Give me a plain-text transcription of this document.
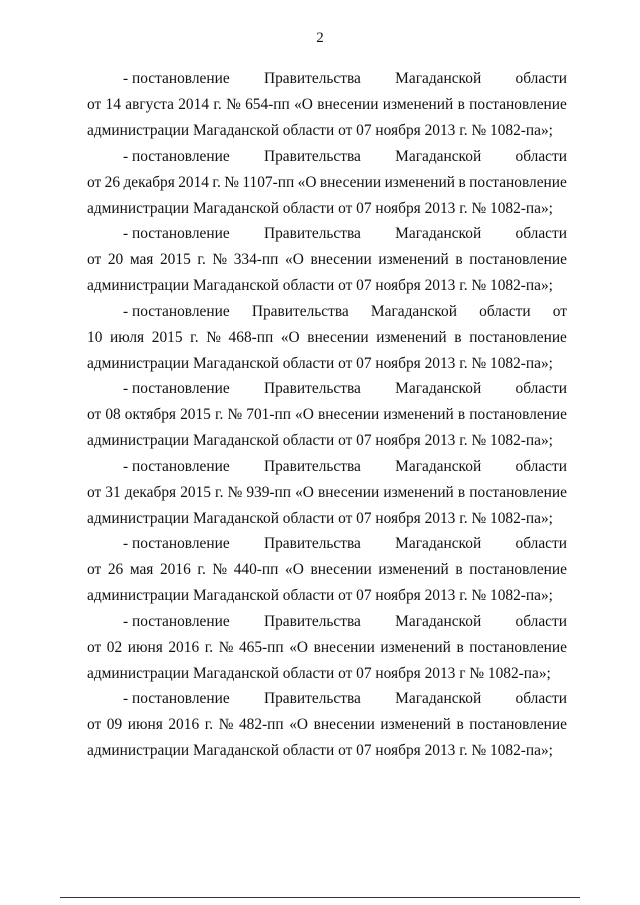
2
- постановление Правительства Магаданской области
от 14 августа 2014 г. № 654-пп «О внесении изменений в постановление
администрации Магаданской области от 07 ноября 2013 г. № 1082-па»;
- постановление Правительства Магаданской области
от 26 декабря 2014 г. № 1107-пп «О внесении изменений в постановление
администрации Магаданской области от 07 ноября 2013 г. № 1082-па»;
- постановление Правительства Магаданской области
от 20 мая 2015 г. № 334-пп «О внесении изменений в постановление
администрации Магаданской области от 07 ноября 2013 г. № 1082-па»;
- постановление Правительства Магаданской области от
10 июля 2015 г. № 468-пп «О внесении изменений в постановление
администрации Магаданской области от 07 ноября 2013 г. № 1082-па»;
- постановление Правительства Магаданской области
от 08 октября 2015 г. № 701-пп «О внесении изменений в постановление
администрации Магаданской области от 07 ноября 2013 г. № 1082-па»;
- постановление Правительства Магаданской области
от 31 декабря 2015 г. № 939-пп «О внесении изменений в постановление
администрации Магаданской области от 07 ноября 2013 г. № 1082-па»;
- постановление Правительства Магаданской области
от 26 мая 2016 г. № 440-пп «О внесении изменений в постановление
администрации Магаданской области от 07 ноября 2013 г. № 1082-па»;
- постановление Правительства Магаданской области
от 02 июня 2016 г. № 465-пп «О внесении изменений в постановление
администрации Магаданской области от 07 ноября 2013 г № 1082-па»;
- постановление Правительства Магаданской области
от 09 июня 2016 г. № 482-пп «О внесении изменений в постановление
администрации Магаданской области от 07 ноября 2013 г. № 1082-па»;
